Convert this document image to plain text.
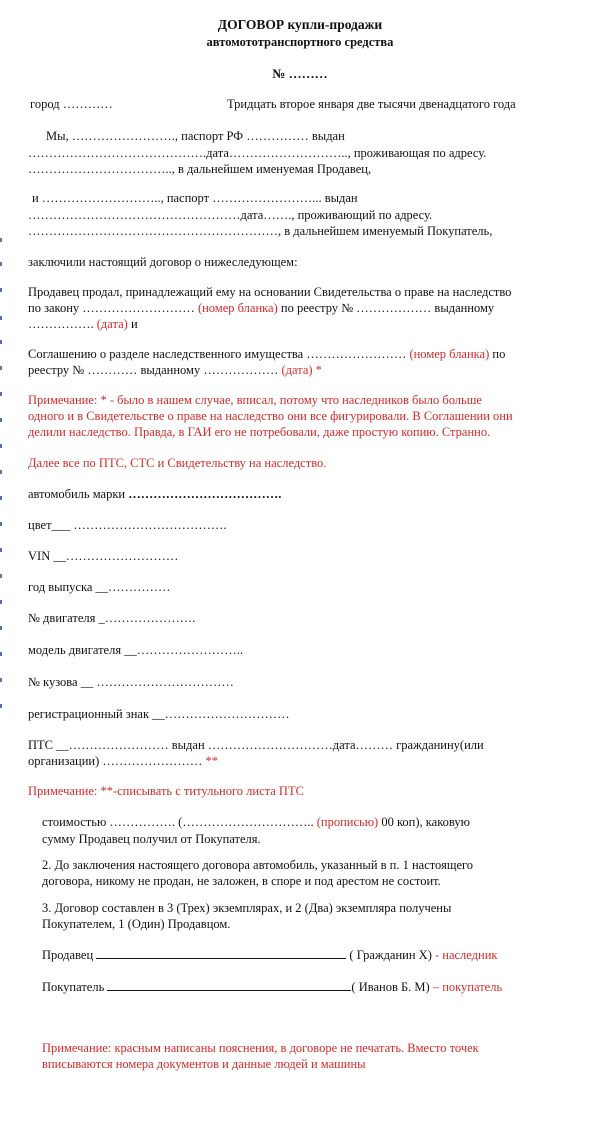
ДОГОВОР купли-продажи
автомототранспортного средства
№ ………
город …………	Тридцать второе января две тысячи двенадцатого года
Мы, ……………………., паспорт РФ …………… выдан
…………………………………….дата……………………….., проживающая по адресу.
…………………………….., в дальнейшем именуемая Продавец,
и ……………………….., паспорт ……………………... выдан
……………………………………………дата……., проживающий по адресу.
……………………………………………………, в дальнейшем именуемый Покупатель,
заключили настоящий договор о нижеследующем:
Продавец продал, принадлежащий ему на основании Свидетельства о праве на наследство
по закону ……………………… (номер бланка) по реестру № ……………… выданному
……………. (дата) и
Соглашению о разделе наследственного имущества …………………… (номер бланка) по
реестру № ………… выданному ……………… (дата) *
Примечание: * - было в нашем случае, вписал, потому что наследников было больше
одного и в Свидетельстве о праве на наследство они все фигурировали. В Соглашении они
делили наследство. Правда, в ГАИ его не потребовали, даже простую копию. Странно.
Далее все по ПТС, СТС и Свидетельству на наследство.
автомобиль марки ……………………………….
цвет___ ……………………………….
VIN __………………………
год выпуска __……………
№ двигателя _………………….
модель двигателя __……………………..
№ кузова __ ……………………………
регистрационный знак __…………………………
ПТС __…………………… выдан …………………………дата……… гражданину(или
организации) …………………… **
Примечание: **-списывать с титульного листа ПТС
стоимостью ……………. (………………………….. (прописью) 00 коп), каковую
сумму Продавец получил от Покупателя.
2. До заключения настоящего договора автомобиль, указанный в п. 1 настоящего
договора, никому не продан, не заложен, в споре и под арестом не состоит.
3. Договор составлен в 3 (Трех) экземплярах, и 2 (Два) экземпляра получены
Покупателем, 1 (Один) Продавцом.
Продавец	( Гражданин Х) - наследник
Покупатель	( Иванов Б. М) – покупатель
Примечание: красным написаны пояснения, в договоре не печатать. Вместо точек
вписываются номера документов и данные людей и машины
